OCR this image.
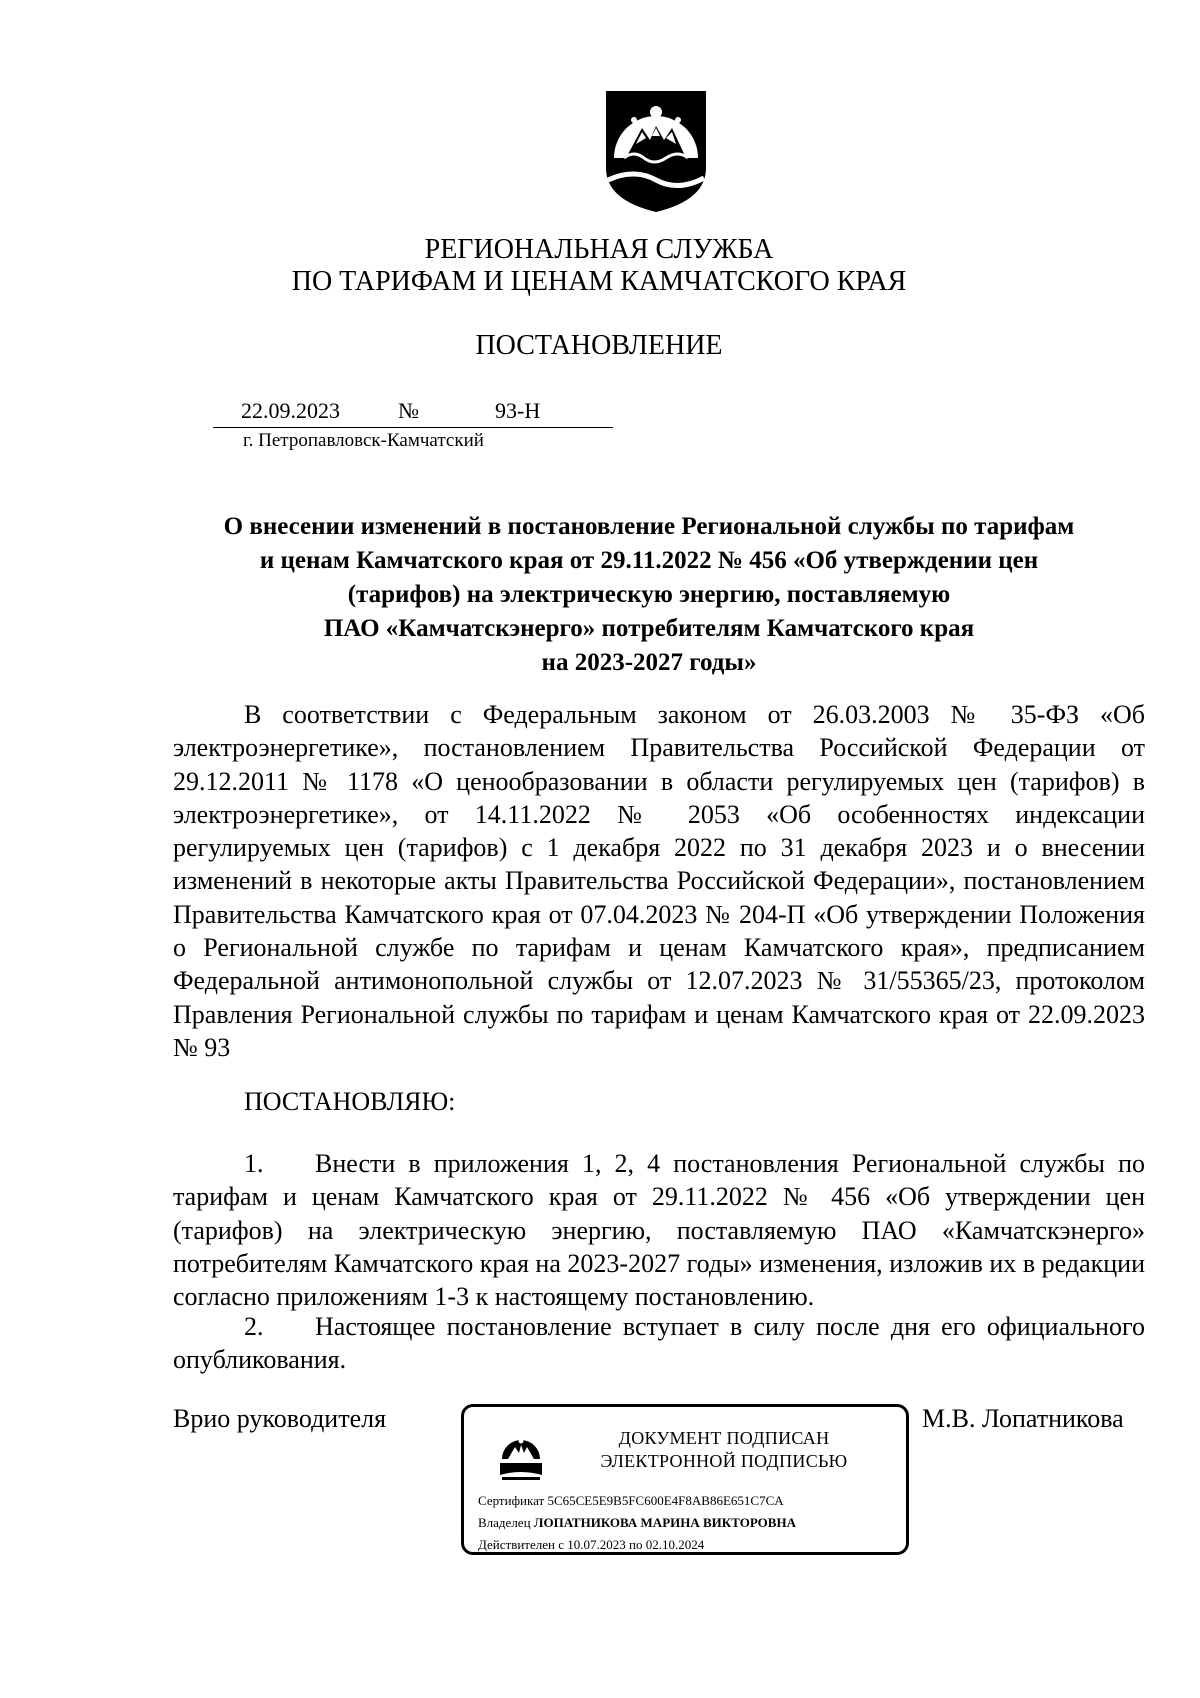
РЕГИОНАЛЬНАЯ СЛУЖБА
ПО ТАРИФАМ И ЦЕНАМ КАМЧАТСКОГО КРАЯ
ПОСТАНОВЛЕНИЕ
22.09.2023	№	93-Н
г. Петропавловск-Камчатский
О внесении изменений в постановление Региональной службы по тарифам
и ценам Камчатского края от 29.11.2022 № 456 «Об утверждении цен
(тарифов) на электрическую энергию, поставляемую
ПАО «Камчатскэнерго» потребителям Камчатского края
на 2023-2027 годы»
В соответствии с Федеральным законом от 26.03.2003 № 35-ФЗ «Об электроэнергетике», постановлением Правительства Российской Федерации от 29.12.2011 № 1178 «О ценообразовании в области регулируемых цен (тарифов) в электроэнергетике», от 14.11.2022 № 2053 «Об особенностях индексации регулируемых цен (тарифов) с 1 декабря 2022 по 31 декабря 2023 и о внесении изменений в некоторые акты Правительства Российской Федерации», постановлением Правительства Камчатского края от 07.04.2023 № 204-П «Об утверждении Положения о Региональной службе по тарифам и ценам Камчатского края», предписанием Федеральной антимонопольной службы от 12.07.2023 № 31/55365/23, протоколом Правления Региональной службы по тарифам и ценам Камчатского края от 22.09.2023 № 93
ПОСТАНОВЛЯЮ:
1. Внести в приложения 1, 2, 4 постановления Региональной службы по тарифам и ценам Камчатского края от 29.11.2022 № 456 «Об утверждении цен (тарифов) на электрическую энергию, поставляемую ПАО «Камчатскэнерго» потребителям Камчатского края на 2023-2027 годы» изменения, изложив их в редакции согласно приложениям 1-3 к настоящему постановлению.
2. Настоящее постановление вступает в силу после дня его официального опубликования.
Врио руководителя	М.В. Лопатникова
ДОКУМЕНТ ПОДПИСАН
ЭЛЕКТРОННОЙ ПОДПИСЬЮ
Сертификат 5C65CE5E9B5FC600E4F8AB86E651C7CA
Владелец ЛОПАТНИКОВА МАРИНА ВИКТОРОВНА
Действителен с 10.07.2023 по 02.10.2024
